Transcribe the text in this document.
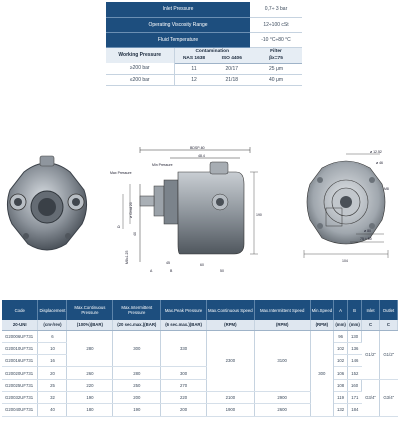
Inlet Pressure			0,7÷ 3 bar
Operating Viscosity Range			12÷100 cSt
Fluid Temperature			-10 °C÷80 °C
Working Pressure	Contamination		Filter
	NAS 1638	ISO 4406	βx=75
≥200 bar	11	20/17	25 μm
≤200 bar	12	21/18	40 μm
BDSP-60
48.4
Max Pressure
Min Pressure
190
ø Grnd 20
40
M8x1.25
D
45	60
50
B
A
ø 12.52
ø 46
M8
104
ø 80
75 ÷ 80
Code	Displacement	Max.Continuous Pressure	Max.Intermittent Pressure	Max.Peak Pressure	Max.Continuous Speed	Max.Intermittent Speed	Min.Speed	A	B	Inlet	Outlet
20-UNI	(cm³/rev)	(100%)(BAR)	(20 sec.max.)(BAR)	(6 sec.max.)(BAR)	(RPM)	(RPM)	(RPM)	(mm)	(mm)	C	C
G20006UF731	6	280	300	330	2300	3100	300	96	130	G1/2"	G1/2"
G20010UF731	10							102	136		
G20016UF731	16							102	146		
G20020UF731	20	260	280	300				106	152		
G20025UF731	25	220	250	270				108	160	G3/4"	G3/4"
G20032UF731	32	190	200	220	2100	2900		119	171		
G20040UF731	40	180	190	200	1900	2600		132	184		
